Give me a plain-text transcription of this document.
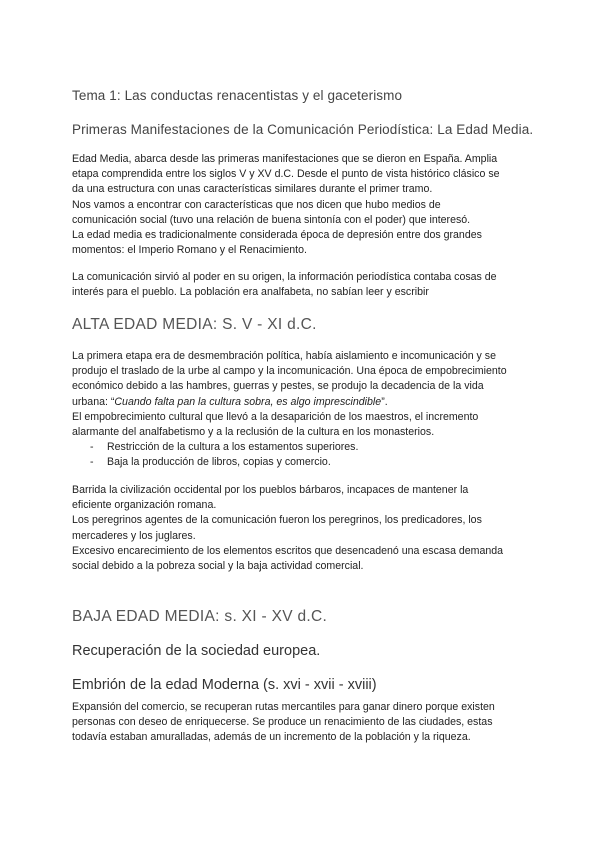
Tema 1: Las conductas renacentistas y el gaceterismo
Primeras Manifestaciones de la Comunicación Periodística: La Edad Media.
Edad Media, abarca desde las primeras manifestaciones que se dieron en España. Amplia
etapa comprendida entre los siglos V y XV d.C. Desde el punto de vista histórico clásico se
da una estructura con unas características similares durante el primer tramo.
Nos vamos a encontrar con características que nos dicen que hubo medios de
comunicación social (tuvo una relación de buena sintonía con el poder) que interesó.
La edad media es tradicionalmente considerada época de depresión entre dos grandes
momentos: el Imperio Romano y el Renacimiento.
La comunicación sirvió al poder en su origen, la información periodística contaba cosas de
interés para el pueblo. La población era analfabeta, no sabían leer y escribir
ALTA EDAD MEDIA: S. V - XI d.C.
La primera etapa era de desmembración política, había aislamiento e incomunicación y se
produjo el traslado de la urbe al campo y la incomunicación. Una época de empobrecimiento
económico debido a las hambres, guerras y pestes, se produjo la decadencia de la vida
urbana: “Cuando falta pan la cultura sobra, es algo imprescindible”.
El empobrecimiento cultural que llevó a la desaparición de los maestros, el incremento
alarmante del analfabetismo y a la reclusión de la cultura en los monasterios.
- Restricción de la cultura a los estamentos superiores.
- Baja la producción de libros, copias y comercio.
Barrida la civilización occidental por los pueblos bárbaros, incapaces de mantener la
eficiente organización romana.
Los peregrinos agentes de la comunicación fueron los peregrinos, los predicadores, los
mercaderes y los juglares.
Excesivo encarecimiento de los elementos escritos que desencadenó una escasa demanda
social debido a la pobreza social y la baja actividad comercial.
BAJA EDAD MEDIA: s. XI - XV d.C.
Recuperación de la sociedad europea.
Embrión de la edad Moderna (s. xvi - xvii - xviii)
Expansión del comercio, se recuperan rutas mercantiles para ganar dinero porque existen
personas con deseo de enriquecerse. Se produce un renacimiento de las ciudades, estas
todavía estaban amuralladas, además de un incremento de la población y la riqueza.
